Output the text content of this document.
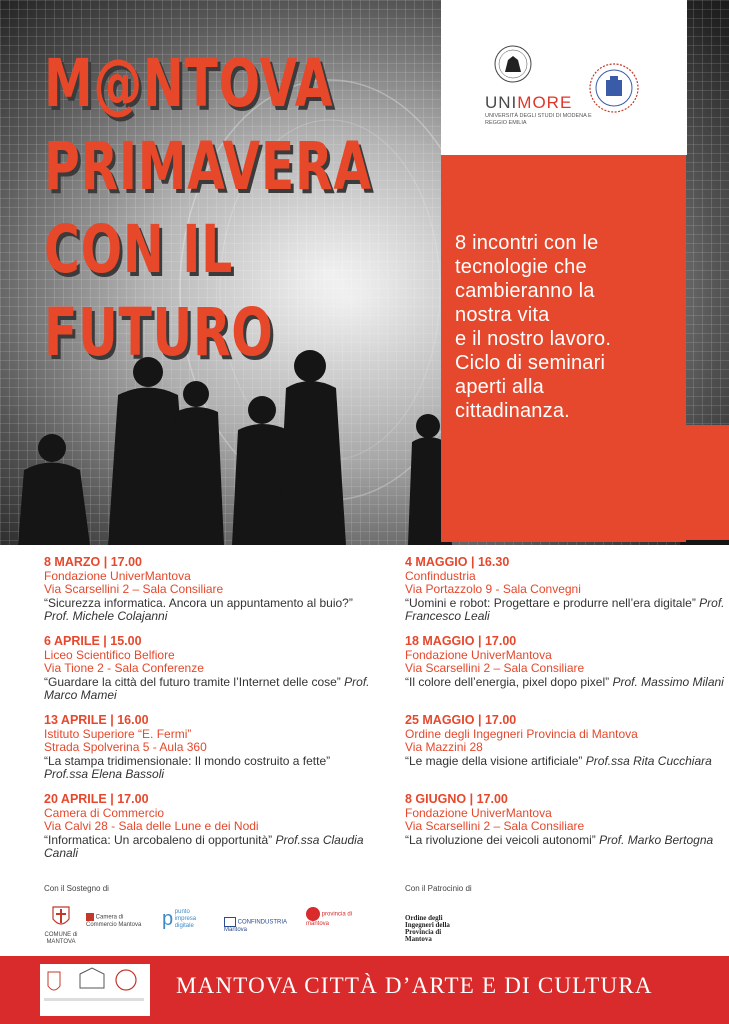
M@NTOVA
PRIMAVERA
CON IL
FUTURO
UNIMORE
UNIVERSITÀ DEGLI STUDI DI MODENA E REGGIO EMILIA
8 incontri con le
tecnologie che
cambieranno la
nostra vita
e il nostro lavoro.
Ciclo di seminari
aperti alla
cittadinanza.
8 MARZO | 17.00
Fondazione UniverMantova
Via Scarsellini 2 – Sala Consiliare
“Sicurezza informatica. Ancora un appuntamento al buio?” Prof. Michele Colajanni
6 APRILE | 15.00
Liceo Scientifico Belfiore
Via Tione 2 - Sala Conferenze
“Guardare la città del futuro tramite l’Internet delle cose” Prof. Marco Mamei
13 APRILE | 16.00
Istituto Superiore “E. Fermi”
Strada Spolverina 5 - Aula 360
“La stampa tridimensionale: Il mondo costruito a fette” Prof.ssa Elena Bassoli
20 APRILE | 17.00
Camera di Commercio
Via Calvi 28 - Sala delle Lune e dei Nodi
“Informatica: Un arcobaleno di opportunità” Prof.ssa Claudia Canali
4 MAGGIO | 16.30
Confindustria
Via Portazzolo 9 - Sala Convegni
“Uomini e robot: Progettare e produrre nell’era digitale” Prof. Francesco Leali
18 MAGGIO | 17.00
Fondazione UniverMantova
Via Scarsellini 2 – Sala Consiliare
“Il colore dell’energia, pixel dopo pixel” Prof. Massimo Milani
25 MAGGIO | 17.00
Ordine degli Ingegneri Provincia di Mantova
Via Mazzini 28
“Le magie della visione artificiale” Prof.ssa Rita Cucchiara
8 GIUGNO | 17.00
Fondazione UniverMantova
Via Scarsellini 2 – Sala Consiliare
“La rivoluzione dei veicoli autonomi” Prof. Marko Bertogna
Con il Sostegno di	Con il Patrocinio di
COMUNE di MANTOVA
Camera di Commercio Mantova	p punto impresa digitale
CONFINDUSTRIA Mantova
provincia di mantova
Ordine degli Ingegneri della Provincia di Mantova
MANTOVA CITTÀ D’ARTE E DI CULTURA
